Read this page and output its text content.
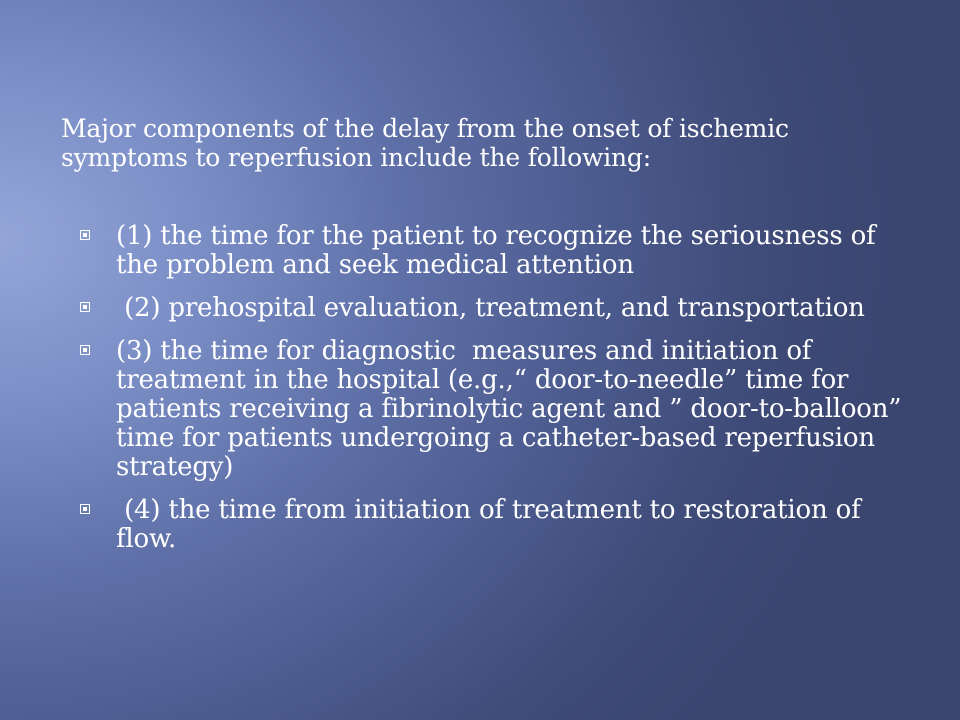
Major components of the delay from the onset of ischemic symptoms to reperfusion include the following:
(1) the time for the patient to recognize the seriousness of the problem and seek medical attention
(2) prehospital evaluation, treatment, and transportation
(3) the time for diagnostic  measures and initiation of treatment in the hospital (e.g.,“ door-to-needle” time for patients receiving a fibrinolytic agent and ” door-to-balloon” time for patients undergoing a catheter-based reperfusion strategy)
(4) the time from initiation of treatment to restoration of flow.
